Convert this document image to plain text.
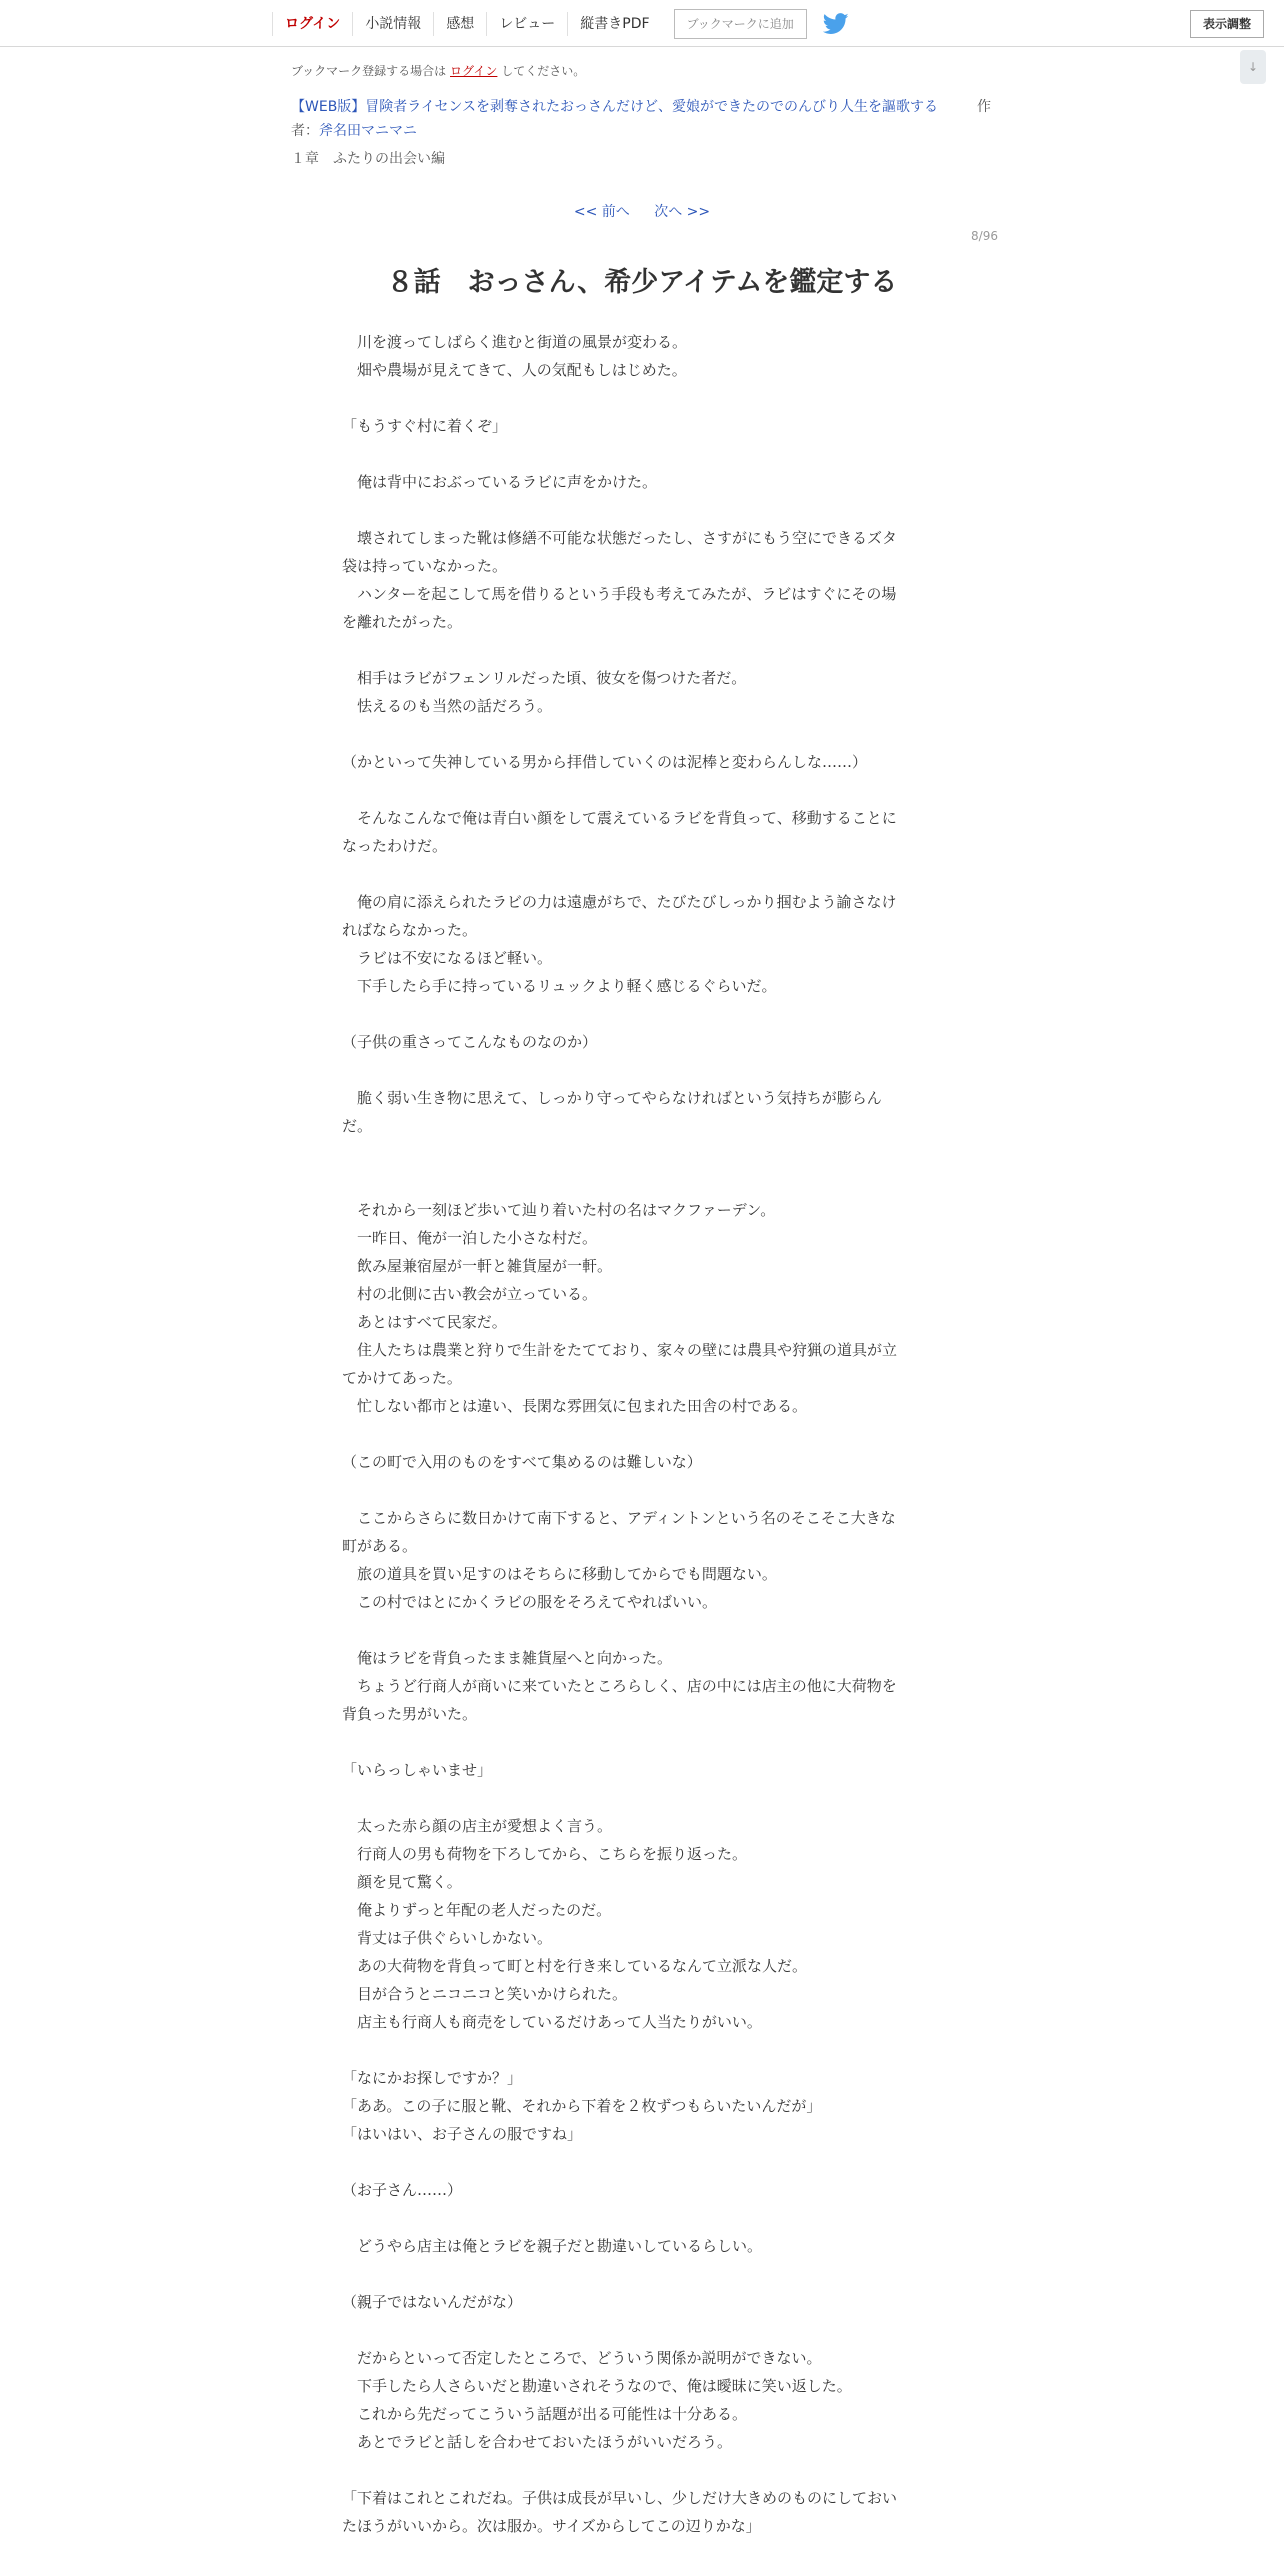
ログイン	小説情報	感想	レビュー	縦書きPDF	ブックマークに追加	表示調整
↓
ブックマーク登録する場合は ログイン してください。
作
【WEB版】冒険者ライセンスを剥奪されたおっさんだけど、愛娘ができたのでのんびり人生を謳歌する
者：斧名田マニマニ
１章　ふたりの出会い編
<< 前へ 次へ >>
8/96
８話　おっさん、希少アイテムを鑑定する

　川を渡ってしばらく進むと街道の風景が変わる。

　畑や農場が見えてきて、人の気配もしはじめた。

「もうすぐ村に着くぞ」

　俺は背中におぶっているラビに声をかけた。

　壊されてしまった靴は修繕不可能な状態だったし、さすがにもう空にできるズタ

袋は持っていなかった。

　ハンターを起こして馬を借りるという手段も考えてみたが、ラビはすぐにその場

を離れたがった。

　相手はラビがフェンリルだった頃、彼女を傷つけた者だ。

　怯えるのも当然の話だろう。

（かといって失神している男から拝借していくのは泥棒と変わらんしな……）

　そんなこんなで俺は青白い顔をして震えているラビを背負って、移動することに

なったわけだ。

　俺の肩に添えられたラビの力は遠慮がちで、たびたびしっかり掴むよう諭さなけ

ればならなかった。

　ラビは不安になるほど軽い。

　下手したら手に持っているリュックより軽く感じるぐらいだ。

（子供の重さってこんなものなのか）

　脆く弱い生き物に思えて、しっかり守ってやらなければという気持ちが膨らん

だ。

　それから一刻ほど歩いて辿り着いた村の名はマクファーデン。

　一昨日、俺が一泊した小さな村だ。

　飲み屋兼宿屋が一軒と雑貨屋が一軒。

　村の北側に古い教会が立っている。

　あとはすべて民家だ。

　住人たちは農業と狩りで生計をたてており、家々の壁には農具や狩猟の道具が立

てかけてあった。

　忙しない都市とは違い、長閑な雰囲気に包まれた田舎の村である。

（この町で入用のものをすべて集めるのは難しいな）

　ここからさらに数日かけて南下すると、アディントンという名のそこそこ大きな

町がある。

　旅の道具を買い足すのはそちらに移動してからでも問題ない。

　この村ではとにかくラビの服をそろえてやればいい。

　俺はラビを背負ったまま雑貨屋へと向かった。

　ちょうど行商人が商いに来ていたところらしく、店の中には店主の他に大荷物を

背負った男がいた。

「いらっしゃいませ」

　太った赤ら顔の店主が愛想よく言う。

　行商人の男も荷物を下ろしてから、こちらを振り返った。

　顔を見て驚く。

　俺よりずっと年配の老人だったのだ。

　背丈は子供ぐらいしかない。

　あの大荷物を背負って町と村を行き来しているなんて立派な人だ。

　目が合うとニコニコと笑いかけられた。

　店主も行商人も商売をしているだけあって人当たりがいい。

「なにかお探しですか？」

「ああ。この子に服と靴、それから下着を２枚ずつもらいたいんだが」

「はいはい、お子さんの服ですね」

（お子さん……）

　どうやら店主は俺とラビを親子だと勘違いしているらしい。

（親子ではないんだがな）

　だからといって否定したところで、どういう関係か説明ができない。

　下手したら人さらいだと勘違いされそうなので、俺は曖昧に笑い返した。

　これから先だってこういう話題が出る可能性は十分ある。

　あとでラビと話しを合わせておいたほうがいいだろう。

「下着はこれとこれだね。子供は成長が早いし、少しだけ大きめのものにしておい

たほうがいいから。次は服か。サイズからしてこの辺りかな」
